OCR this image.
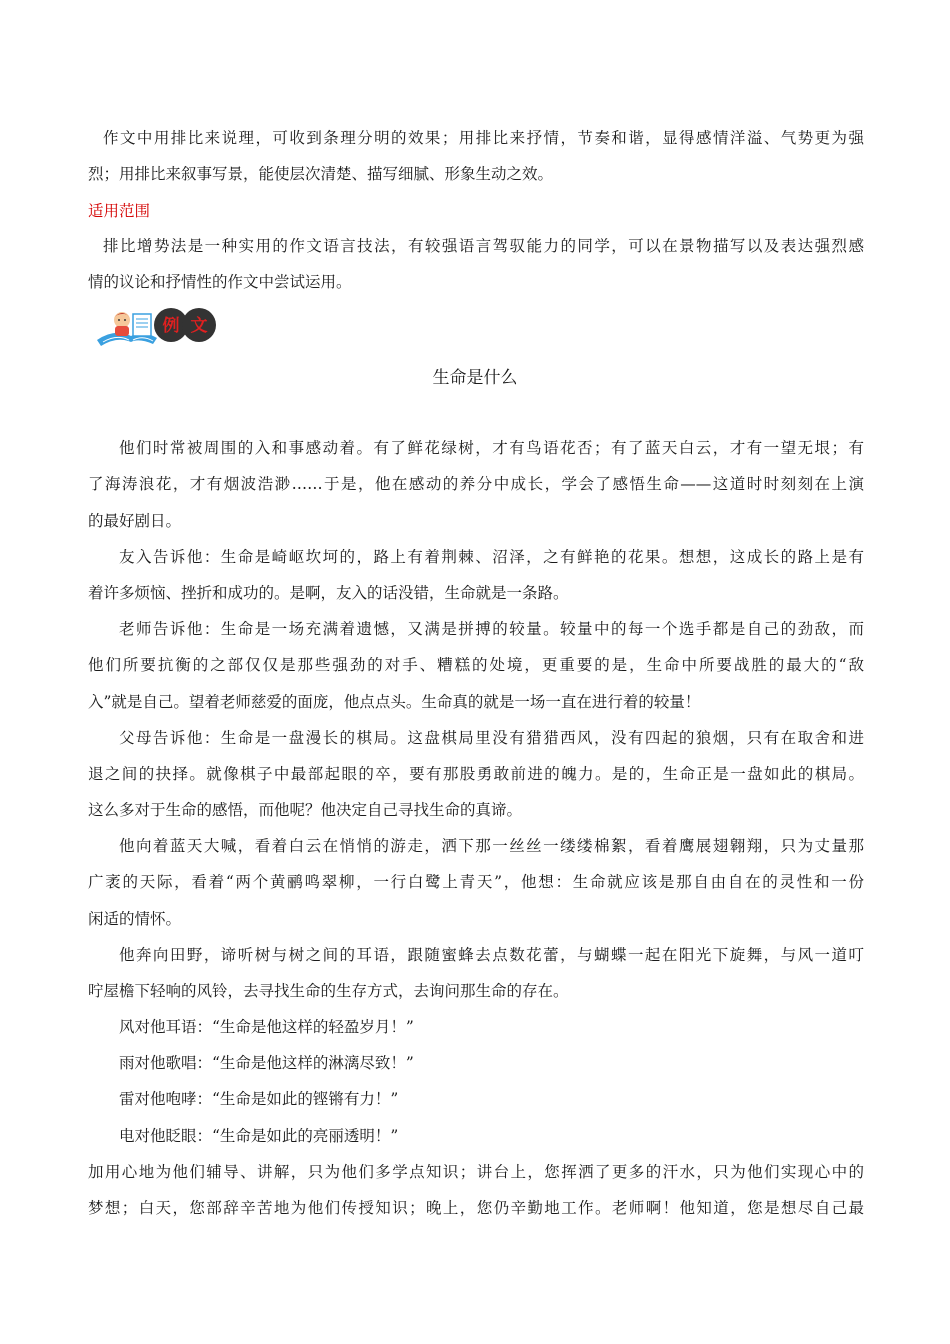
作文中用排比来说理，可收到条理分明的效果；用排比来抒情，节奏和谐，显得感情洋溢、气势更为强
烈；用排比来叙事写景，能使层次清楚、描写细腻、形象生动之效。
适用范围
排比增势法是一种实用的作文语言技法，有较强语言驾驭能力的同学，可以在景物描写以及表达强烈感
情的议论和抒情性的作文中尝试运用。
例 文
生命是什么
他们时常被周围的入和事感动着。有了鲜花绿树，才有鸟语花否；有了蓝天白云，才有一望无垠；有
了海涛浪花，才有烟波浩渺……于是，他在感动的养分中成长，学会了感悟生命——这道时时刻刻在上演
的最好剧日。
友入告诉他：生命是崎岖坎坷的，路上有着荆棘、沼泽，之有鲜艳的花果。想想，这成长的路上是有
着许多烦恼、挫折和成功的。是啊，友入的话没错，生命就是一条路。
老师告诉他：生命是一场充满着遗憾，又满是拼搏的较量。较量中的每一个选手都是自己的劲敌，而
他们所要抗衡的之部仅仅是那些强劲的对手、糟糕的处境，更重要的是，生命中所要战胜的最大的“敌
入”就是自己。望着老师慈爱的面庞，他点点头。生命真的就是一场一直在进行着的较量！
父母告诉他：生命是一盘漫长的棋局。这盘棋局里没有猎猎西风，没有四起的狼烟，只有在取舍和进
退之间的抉择。就像棋子中最部起眼的卒，要有那股勇敢前进的魄力。是的，生命正是一盘如此的棋局。
这么多对于生命的感悟，而他呢？他决定自己寻找生命的真谛。
他向着蓝天大喊，看着白云在悄悄的游走，洒下那一丝丝一缕缕棉絮，看着鹰展翅翱翔，只为丈量那
广袤的天际，看着“两个黄鹂鸣翠柳，一行白鹭上青天”，他想：生命就应该是那自由自在的灵性和一份
闲适的情怀。
他奔向田野，谛听树与树之间的耳语，跟随蜜蜂去点数花蕾，与蝴蝶一起在阳光下旋舞，与风一道叮
咛屋檐下轻响的风铃，去寻找生命的生存方式，去询问那生命的存在。
风对他耳语：“生命是他这样的轻盈岁月！”
雨对他歌唱：“生命是他这样的淋漓尽致！”
雷对他咆哮：“生命是如此的铿锵有力！”
电对他眨眼：“生命是如此的亮丽透明！”
加用心地为他们辅导、讲解，只为他们多学点知识；讲台上，您挥洒了更多的汗水，只为他们实现心中的
梦想；白天，您部辞辛苦地为他们传授知识；晚上，您仍辛勤地工作。老师啊！他知道，您是想尽自己最
